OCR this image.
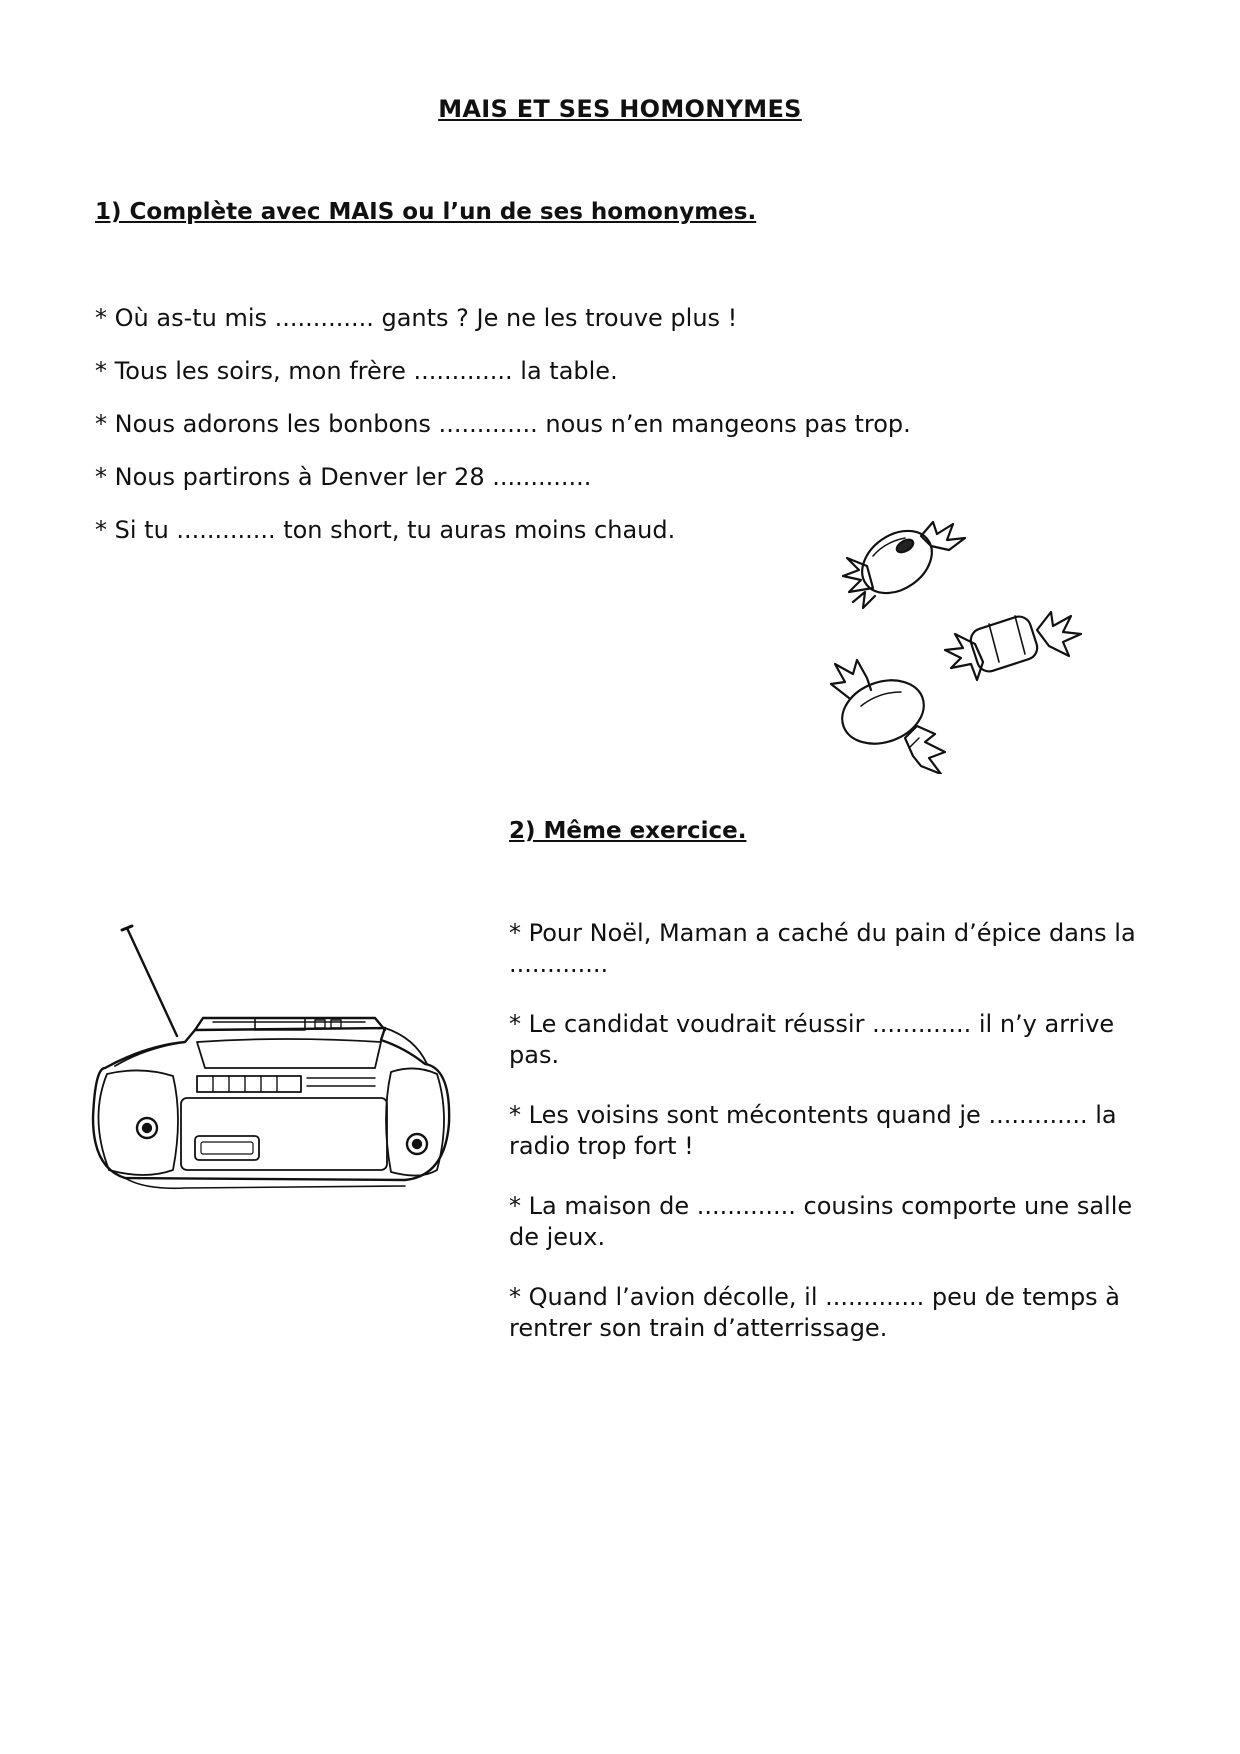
MAIS ET SES HOMONYMES
1) Complète avec MAIS ou l’un de ses homonymes.
* Où as-tu mis ............. gants ? Je ne les trouve plus !
* Tous les soirs, mon frère ............. la table.
* Nous adorons les bonbons ............. nous n’en mangeons pas trop.
* Nous partirons à Denver ler 28 .............
* Si tu ............. ton short, tu auras moins chaud.
2) Même exercice.
* Pour Noël, Maman a caché du pain d’épice dans la .............
* Le candidat voudrait réussir ............. il n’y arrive pas.
* Les voisins sont mécontents quand je ............. la radio trop fort !
* La maison de ............. cousins comporte une salle de jeux.
* Quand l’avion décolle, il ............. peu de temps à rentrer son train d’atterrissage.
